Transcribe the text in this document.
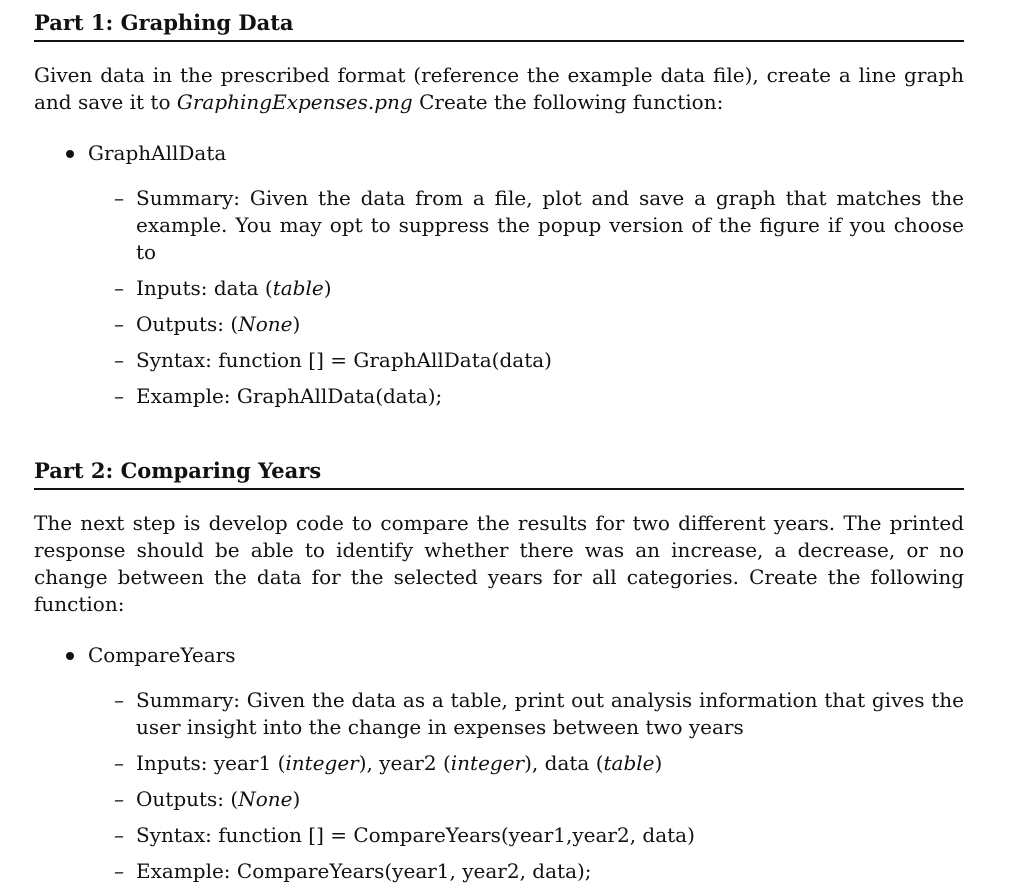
Part 1: Graphing Data
Given data in the prescribed format (reference the example data file), create a line graph and save it to GraphingExpenses.png Create the following function:
GraphAllData
– Summary: Given the data from a file, plot and save a graph that matches the example. You may opt to suppress the popup version of the figure if you choose to
– Inputs: data (table)
– Outputs: (None)
– Syntax: function [] = GraphAllData(data)
– Example: GraphAllData(data);
Part 2: Comparing Years
The next step is develop code to compare the results for two different years. The printed response should be able to identify whether there was an increase, a decrease, or no change between the data for the selected years for all categories. Create the following function:
CompareYears
– Summary: Given the data as a table, print out analysis information that gives the user insight into the change in expenses between two years
– Inputs: year1 (integer), year2 (integer), data (table)
– Outputs: (None)
– Syntax: function [] = CompareYears(year1,year2, data)
– Example: CompareYears(year1, year2, data);
